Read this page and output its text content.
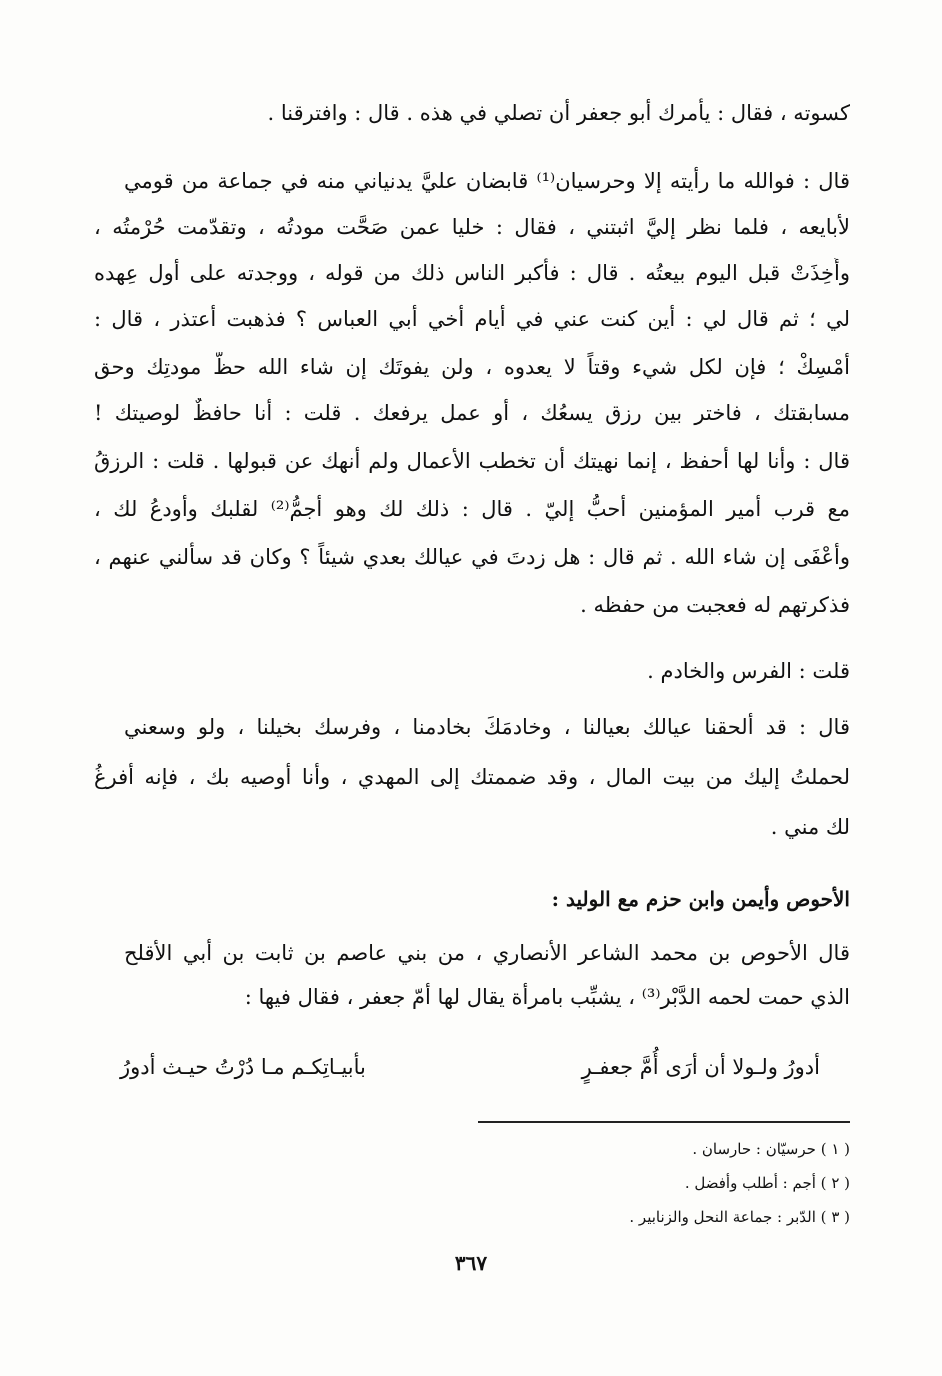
كسوته ، فقال : يأمرك أبو جعفر أن تصلي في هذه . قال : وافترقنا .
قال : فوالله ما رأيته إلا وحرسيان⁽¹⁾ قابضان عليَّ يدنياني منه في جماعة من قومي
لأبايعه ، فلما نظر إليَّ اثبتني ، فقال : خليا عمن صَحَّت مودتُه ، وتقدّمت حُرْمتُه ،
وأُخِذَتْ قبل اليوم بيعتُه . قال : فأكبر الناس ذلك من قوله ، ووجدته على أول عِهده
لي ؛ ثم قال لي : أين كنت عني في أيام أخي أبي العباس ؟ فذهبت أعتذر ، قال :
أمْسِكْ ؛ فإن لكل شيء وقتاً لا يعدوه ، ولن يفوتَك إن شاء الله حظُّ مودتِك وحق
مسابقتك ، فاختر بين رزق يسعُك ، أو عمل يرفعك . قلت : أنا حافظٌ لوصيتك !
قال : وأنا لها أحفظ ، إنما نهيتك أن تخطب الأعمال ولم أنهك عن قبولها . قلت : الرزقُ
مع قرب أمير المؤمنين أحبُّ إليّ . قال : ذلك لك وهو أجمُّ⁽²⁾ لقلبك وأودعُ لك ،
وأعْفَى إن شاء الله . ثم قال : هل زدتَ في عيالك بعدي شيئاً ؟ وكان قد سألني عنهم ،
فذكرتهم له فعجبت من حفظه .
قلت : الفرس والخادم .
قال : قد ألحقنا عيالك بعيالنا ، وخادمَكَ بخادمنا ، وفرسك بخيلنا ، ولو وسعني
لحملتُ إليك من بيت المال ، وقد ضممتك إلى المهدي ، وأنا أوصيه بك ، فإنه أفرغُ
لك مني .
الأحوص وأيمن وابن حزم مع الوليد :
قال الأحوص بن محمد الشاعر الأنصاري ، من بني عاصم بن ثابت بن أبي الأقلح
الذي حمت لحمه الدَّبْر⁽³⁾ ، يشبِّب بامرأة يقال لها أمّ جعفر ، فقال فيها :
أدورُ ولـولا أن أرَى أُمَّ جعفـرٍ
بأبيـاتِكـم مـا دُرْتُ حيـث أدورُ
( ١ ) حرسيّان : حارسان .
( ٢ ) أجم : أطلب وأفضل .
( ٣ ) الدّبر : جماعة النحل والزنابير .
٣٦٧
